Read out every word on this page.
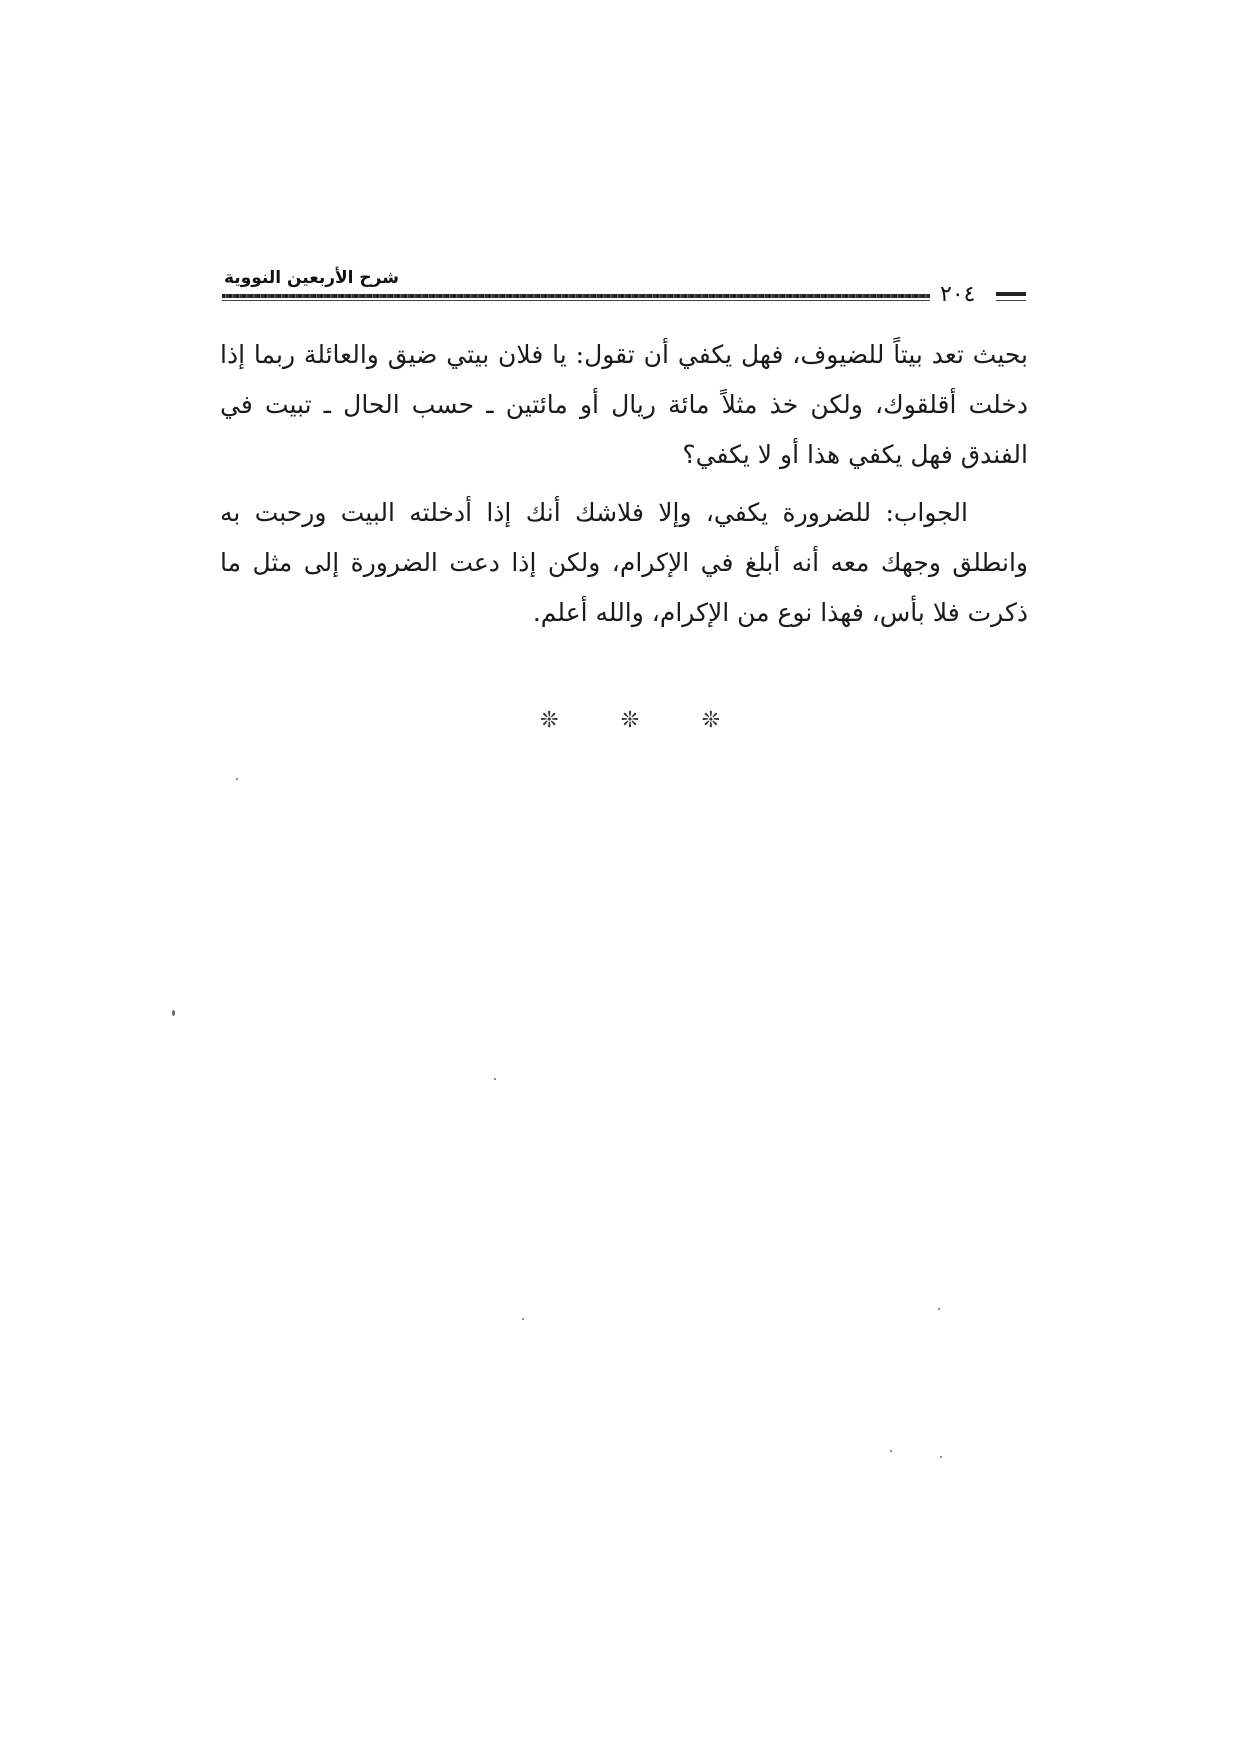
شرح الأربعين النووية
٢٠٤

بحيث تعد بيتاً للضيوف، فهل يكفي أن تقول: يا فلان بيتي ضيق والعائلة ربما إذا دخلت أقلقوك، ولكن خذ مثلاً مائة ريال أو مائتين ـ حسب الحال ـ تبيت في الفندق فهل يكفي هذا أو لا يكفي؟

الجواب: للضرورة يكفي، وإلا فلاشك أنك إذا أدخلته البيت ورحبت به وانطلق وجهك معه أنه أبلغ في الإكرام، ولكن إذا دعت الضرورة إلى مثل ما ذكرت فلا بأس، فهذا نوع من الإكرام، والله أعلم.

❊	❊	❊
